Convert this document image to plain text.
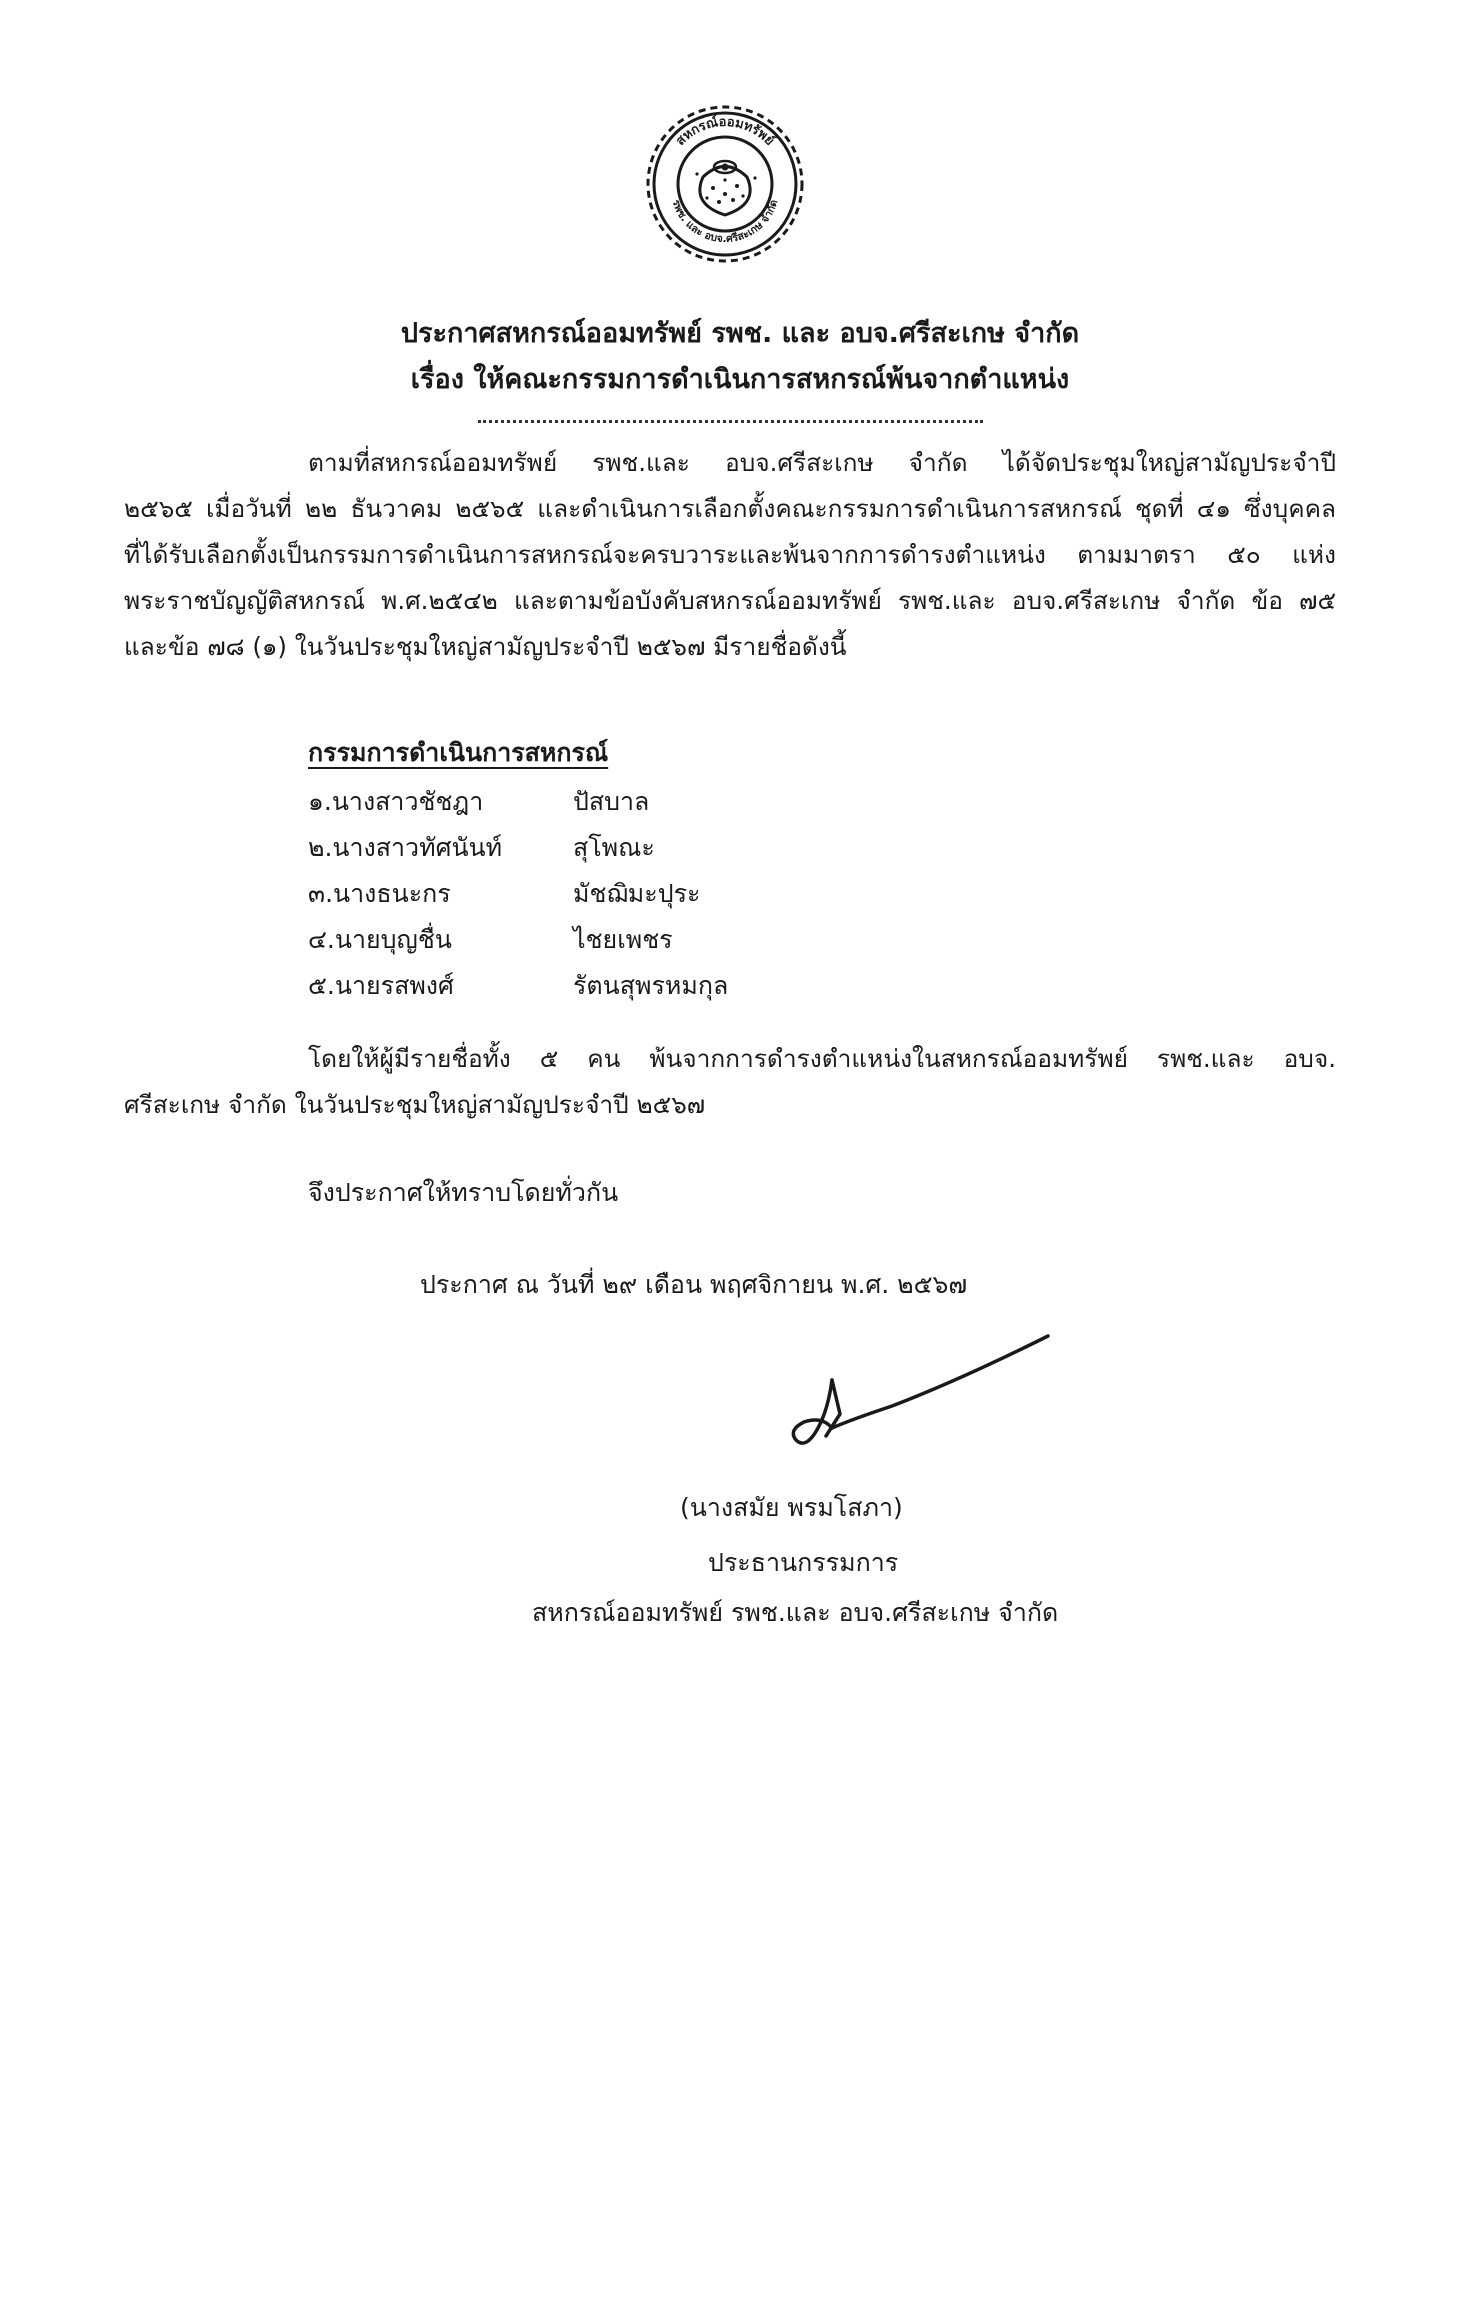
สหกรณ์ออมทรัพย์
รพช. และ อบจ.ศรีสะเกษ จำกัด
ประกาศสหกรณ์ออมทรัพย์ รพช. และ อบจ.ศรีสะเกษ จำกัด
เรื่อง ให้คณะกรรมการดำเนินการสหกรณ์พ้นจากตำแหน่ง
ตามที่สหกรณ์ออมทรัพย์ รพช.และ อบจ.ศรีสะเกษ จำกัด ได้จัดประชุมใหญ่สามัญประจำปี
๒๕๖๕ เมื่อวันที่ ๒๒ ธันวาคม ๒๕๖๕ และดำเนินการเลือกตั้งคณะกรรมการดำเนินการสหกรณ์ ชุดที่ ๔๑ ซึ่งบุคคล
ที่ได้รับเลือกตั้งเป็นกรรมการดำเนินการสหกรณ์จะครบวาระและพ้นจากการดำรงตำแหน่ง ตามมาตรา ๕๐ แห่ง
พระราชบัญญัติสหกรณ์ พ.ศ.๒๕๔๒ และตามข้อบังคับสหกรณ์ออมทรัพย์ รพช.และ อบจ.ศรีสะเกษ จำกัด ข้อ ๗๕
และข้อ ๗๘ (๑) ในวันประชุมใหญ่สามัญประจำปี ๒๕๖๗ มีรายชื่อดังนี้
กรรมการดำเนินการสหกรณ์
๑.นางสาวชัชฎา	ปัสบาล
๒.นางสาวทัศนันท์	สุโพณะ
๓.นางธนะกร	มัชฌิมะปุระ
๔.นายบุญชื่น	ไชยเพชร
๕.นายรสพงศ์	รัตนสุพรหมกุล
โดยให้ผู้มีรายชื่อทั้ง ๕ คน พ้นจากการดำรงตำแหน่งในสหกรณ์ออมทรัพย์ รพช.และ อบจ.
ศรีสะเกษ จำกัด ในวันประชุมใหญ่สามัญประจำปี ๒๕๖๗
จึงประกาศให้ทราบโดยทั่วกัน
ประกาศ ณ วันที่ ๒๙ เดือน พฤศจิกายน พ.ศ. ๒๕๖๗
(นางสมัย พรมโสภา)
ประธานกรรมการ
สหกรณ์ออมทรัพย์ รพช.และ อบจ.ศรีสะเกษ จำกัด
